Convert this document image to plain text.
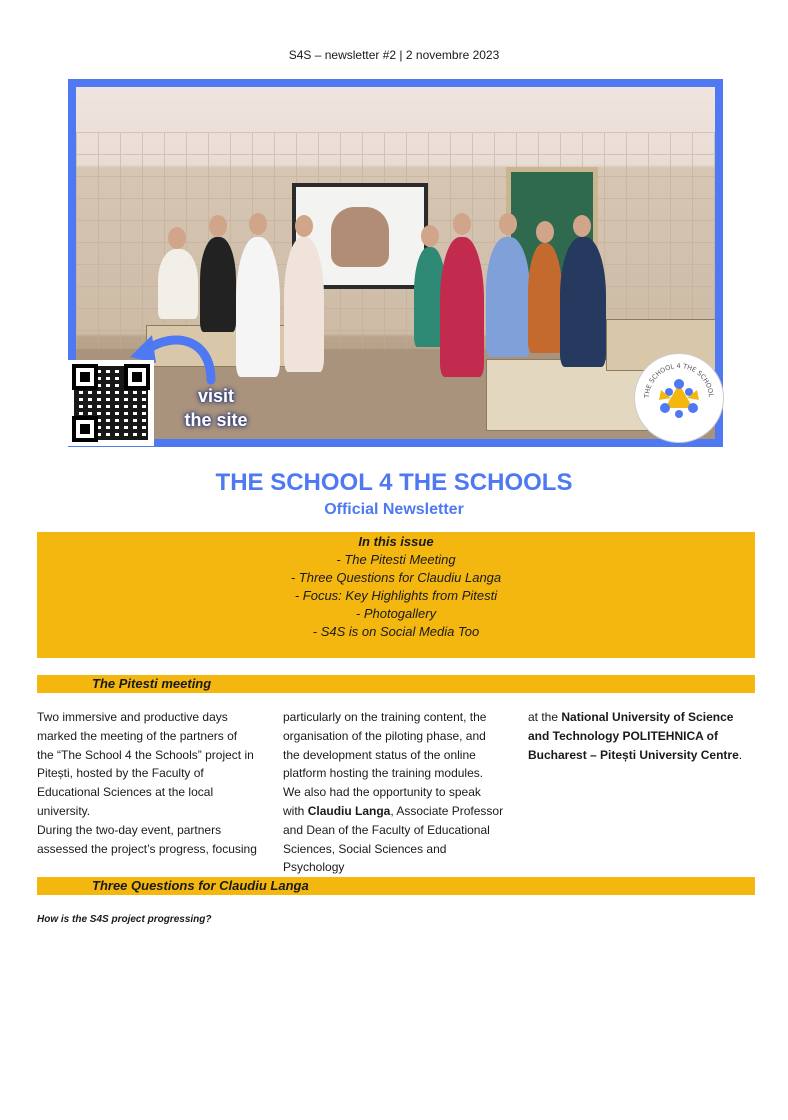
S4S – newsletter #2 | 2 novembre 2023
visit
the site
THE SCHOOL 4 THE SCHOOL
THE SCHOOL 4 THE SCHOOLS
Official Newsletter
In this issue
- The Pitesti Meeting
- Three Questions for Claudiu Langa
- Focus: Key Highlights from Pitesti
- Photogallery
- S4S is on Social Media Too
The Pitesti meeting
Two immersive and productive days
marked the meeting of the partners of
the “The School 4 the Schools” project in
Pitești, hosted by the Faculty of
Educational Sciences at the local
university.
During the two-day event, partners
assessed the project’s progress, focusing
particularly on the training content, the
organisation of the piloting phase, and
the development status of the online
platform hosting the training modules.
We also had the opportunity to speak
with Claudiu Langa, Associate Professor
and Dean of the Faculty of Educational
Sciences, Social Sciences and Psychology
at the National University of Science
and Technology POLITEHNICA of
Bucharest – Pitești University Centre.
Three Questions for Claudiu Langa
How is the S4S project progressing?
